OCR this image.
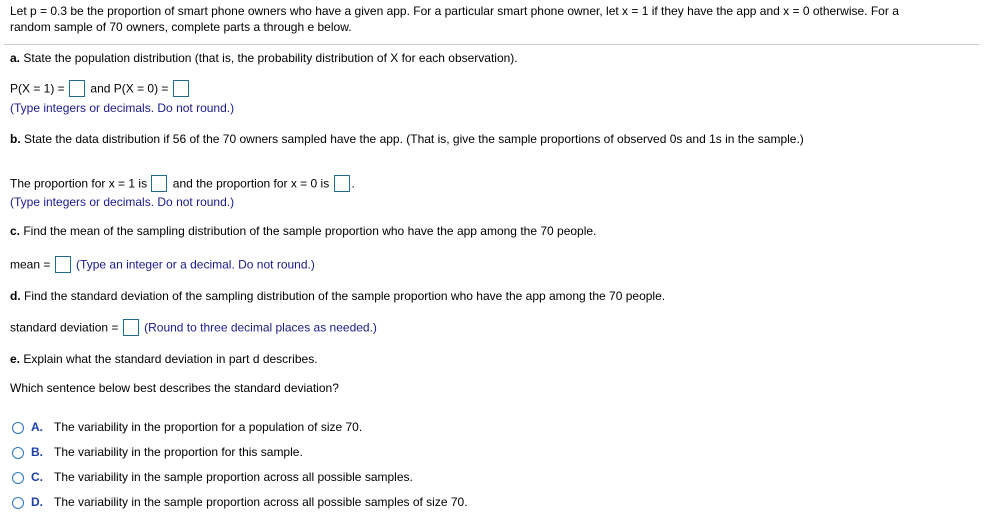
Let p = 0.3 be the proportion of smart phone owners who have a given app. For a particular smart phone owner, let x = 1 if they have the app and x = 0 otherwise. For a
random sample of 70 owners, complete parts a through e below.
a. State the population distribution (that is, the probability distribution of X for each observation).
P(X = 1) = and P(X = 0) =
(Type integers or decimals. Do not round.)
b. State the data distribution if 56 of the 70 owners sampled have the app. (That is, give the sample proportions of observed 0s and 1s in the sample.)
The proportion for x = 1 is and the proportion for x = 0 is .
(Type integers or decimals. Do not round.)
c. Find the mean of the sampling distribution of the sample proportion who have the app among the 70 people.
mean = (Type an integer or a decimal. Do not round.)
d. Find the standard deviation of the sampling distribution of the sample proportion who have the app among the 70 people.
standard deviation = (Round to three decimal places as needed.)
e. Explain what the standard deviation in part d describes.
Which sentence below best describes the standard deviation?
A. The variability in the proportion for a population of size 70.
B. The variability in the proportion for this sample.
C. The variability in the sample proportion across all possible samples.
D. The variability in the sample proportion across all possible samples of size 70.
